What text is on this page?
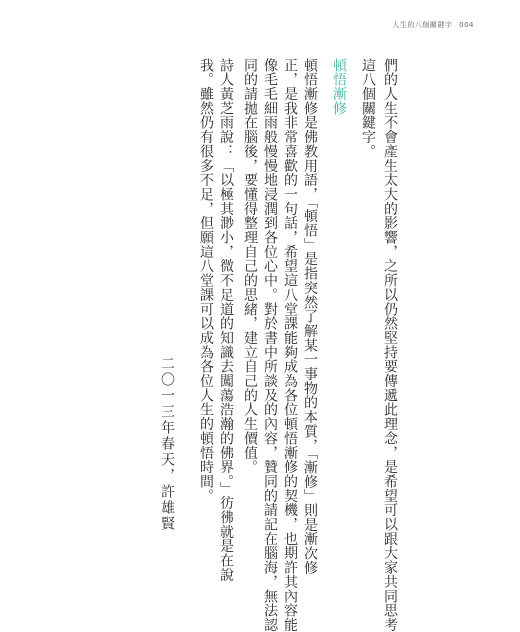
人生的八個關鍵字 004
們的人生不會產生太大的影響，之所以仍然堅持要傳遞此理念，是希望可以跟大家共同思考
這八個關鍵字。
頓悟漸修
頓悟漸修是佛教用語，「頓悟」是指突然了解某一事物的本質，「漸修」則是漸次修
正，是我非常喜歡的一句話，希望這八堂課能夠成為各位頓悟漸修的契機，也期許其內容能
像毛毛細雨般慢慢地浸潤到各位心中。對於書中所談及的內容，贊同的請記在腦海，無法認
同的請拋在腦後，要懂得整理自己的思緒，建立自己的人生價值。
詩人黃芝雨說：「以極其渺小，微不足道的知識去闖蕩浩瀚的佛界。」彷彿就是在說
我。雖然仍有很多不足，但願這八堂課可以成為各位人生的頓悟時間。
二〇一三年春天，許雄賢
